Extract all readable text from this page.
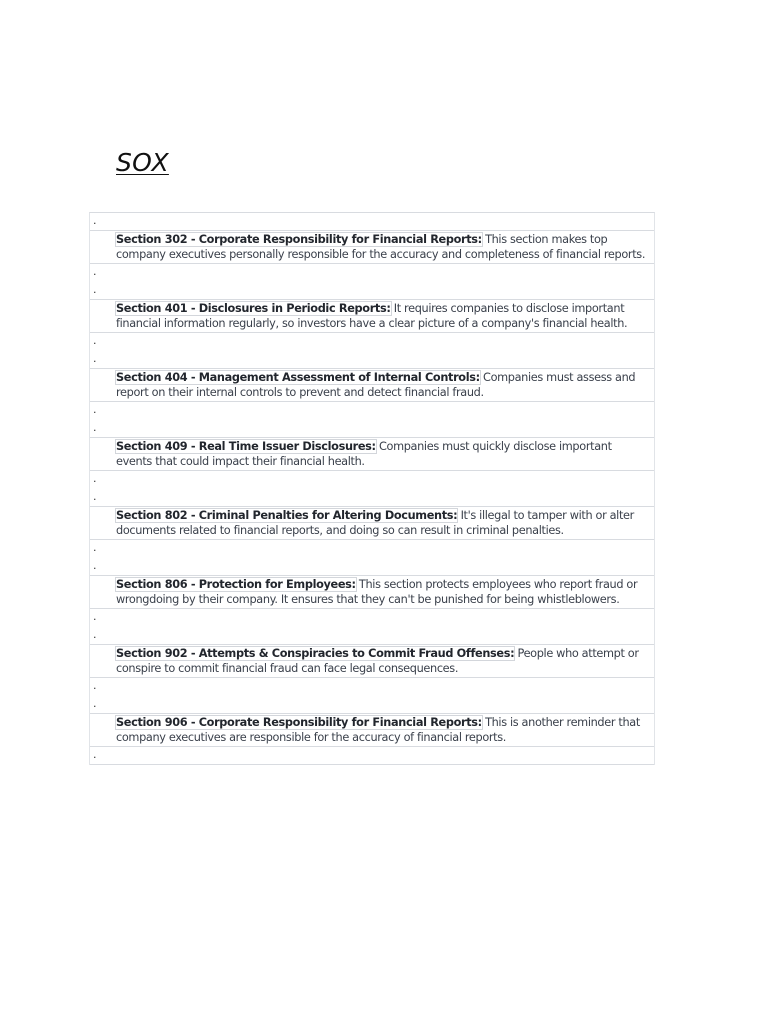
SOX
·
Section 302 - Corporate Responsibility for Financial Reports: This section makes top company executives personally responsible for the accuracy and completeness of financial reports.
·
·
Section 401 - Disclosures in Periodic Reports: It requires companies to disclose important financial information regularly, so investors have a clear picture of a company's financial health.
·
·
Section 404 - Management Assessment of Internal Controls: Companies must assess and report on their internal controls to prevent and detect financial fraud.
·
·
Section 409 - Real Time Issuer Disclosures: Companies must quickly disclose important events that could impact their financial health.
·
·
Section 802 - Criminal Penalties for Altering Documents: It's illegal to tamper with or alter documents related to financial reports, and doing so can result in criminal penalties.
·
·
Section 806 - Protection for Employees: This section protects employees who report fraud or wrongdoing by their company. It ensures that they can't be punished for being whistleblowers.
·
·
Section 902 - Attempts & Conspiracies to Commit Fraud Offenses: People who attempt or conspire to commit financial fraud can face legal consequences.
·
·
Section 906 - Corporate Responsibility for Financial Reports: This is another reminder that company executives are responsible for the accuracy of financial reports.
·
